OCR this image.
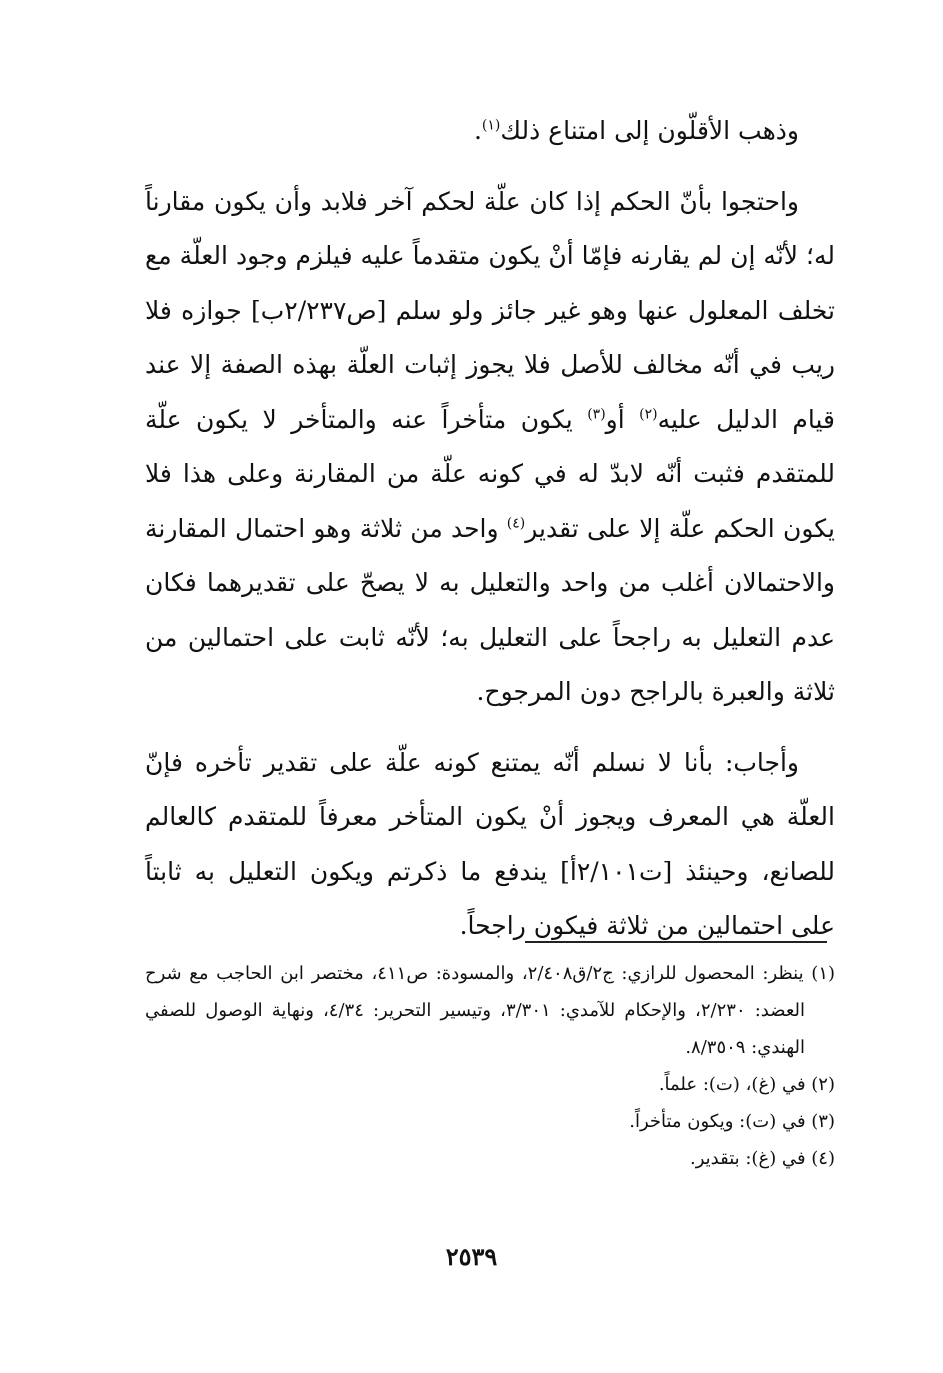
وذهب الأقلّون إلى امتناع ذلك$^{(١)}$.

واحتجوا بأنّ الحكم إذا كان علّة لحكم آخر فلابد وأن يكون مقارناً له؛ لأنّه إن لم يقارنه فإمّا أنْ يكون متقدماً عليه فيلزم وجود العلّة مع تخلف المعلول عنها وهو غير جائز ولو سلم [ص٢/٢٣٧ب] جوازه فلا ريب في أنّه مخالف للأصل فلا يجوز إثبات العلّة بهذه الصفة إلا عند قيام الدليل عليه$^{(٢)}$ أو$^{(٣)}$ يكون متأخراً عنه والمتأخر لا يكون علّة للمتقدم فثبت أنّه لابدّ له في كونه علّة من المقارنة وعلى هذا فلا يكون الحكم علّة إلا على تقدير$^{(٤)}$ واحد من ثلاثة وهو احتمال المقارنة والاحتمالان أغلب من واحد والتعليل به لا يصحّ على تقديرهما فكان عدم التعليل به راجحاً على التعليل به؛ لأنّه ثابت على احتمالين من ثلاثة والعبرة بالراجح دون المرجوح.

وأجاب: بأنا لا نسلم أنّه يمتنع كونه علّة على تقدير تأخره فإنّ العلّة هي المعرف ويجوز أنْ يكون المتأخر معرفاً للمتقدم كالعالم للصانع، وحينئذ [ت٢/١٠١أ] يندفع ما ذكرتم ويكون التعليل به ثابتاً على احتمالين من ثلاثة فيكون راجحاً.

(١) ينظر: المحصول للرازي: ج٢/ق٢/٤٠٨، والمسودة: ص٤١١، مختصر ابن الحاجب مع شرح العضد: ٢/٢٣٠، والإحكام للآمدي: ٣/٣٠١، وتيسير التحرير: ٤/٣٤، ونهاية الوصول للصفي الهندي: ٨/٣٥٠٩.

(٢) في (غ)، (ت): علماً.

(٣) في (ت): ويكون متأخراً.

(٤) في (غ): بتقدير.

٢٥٣٩
